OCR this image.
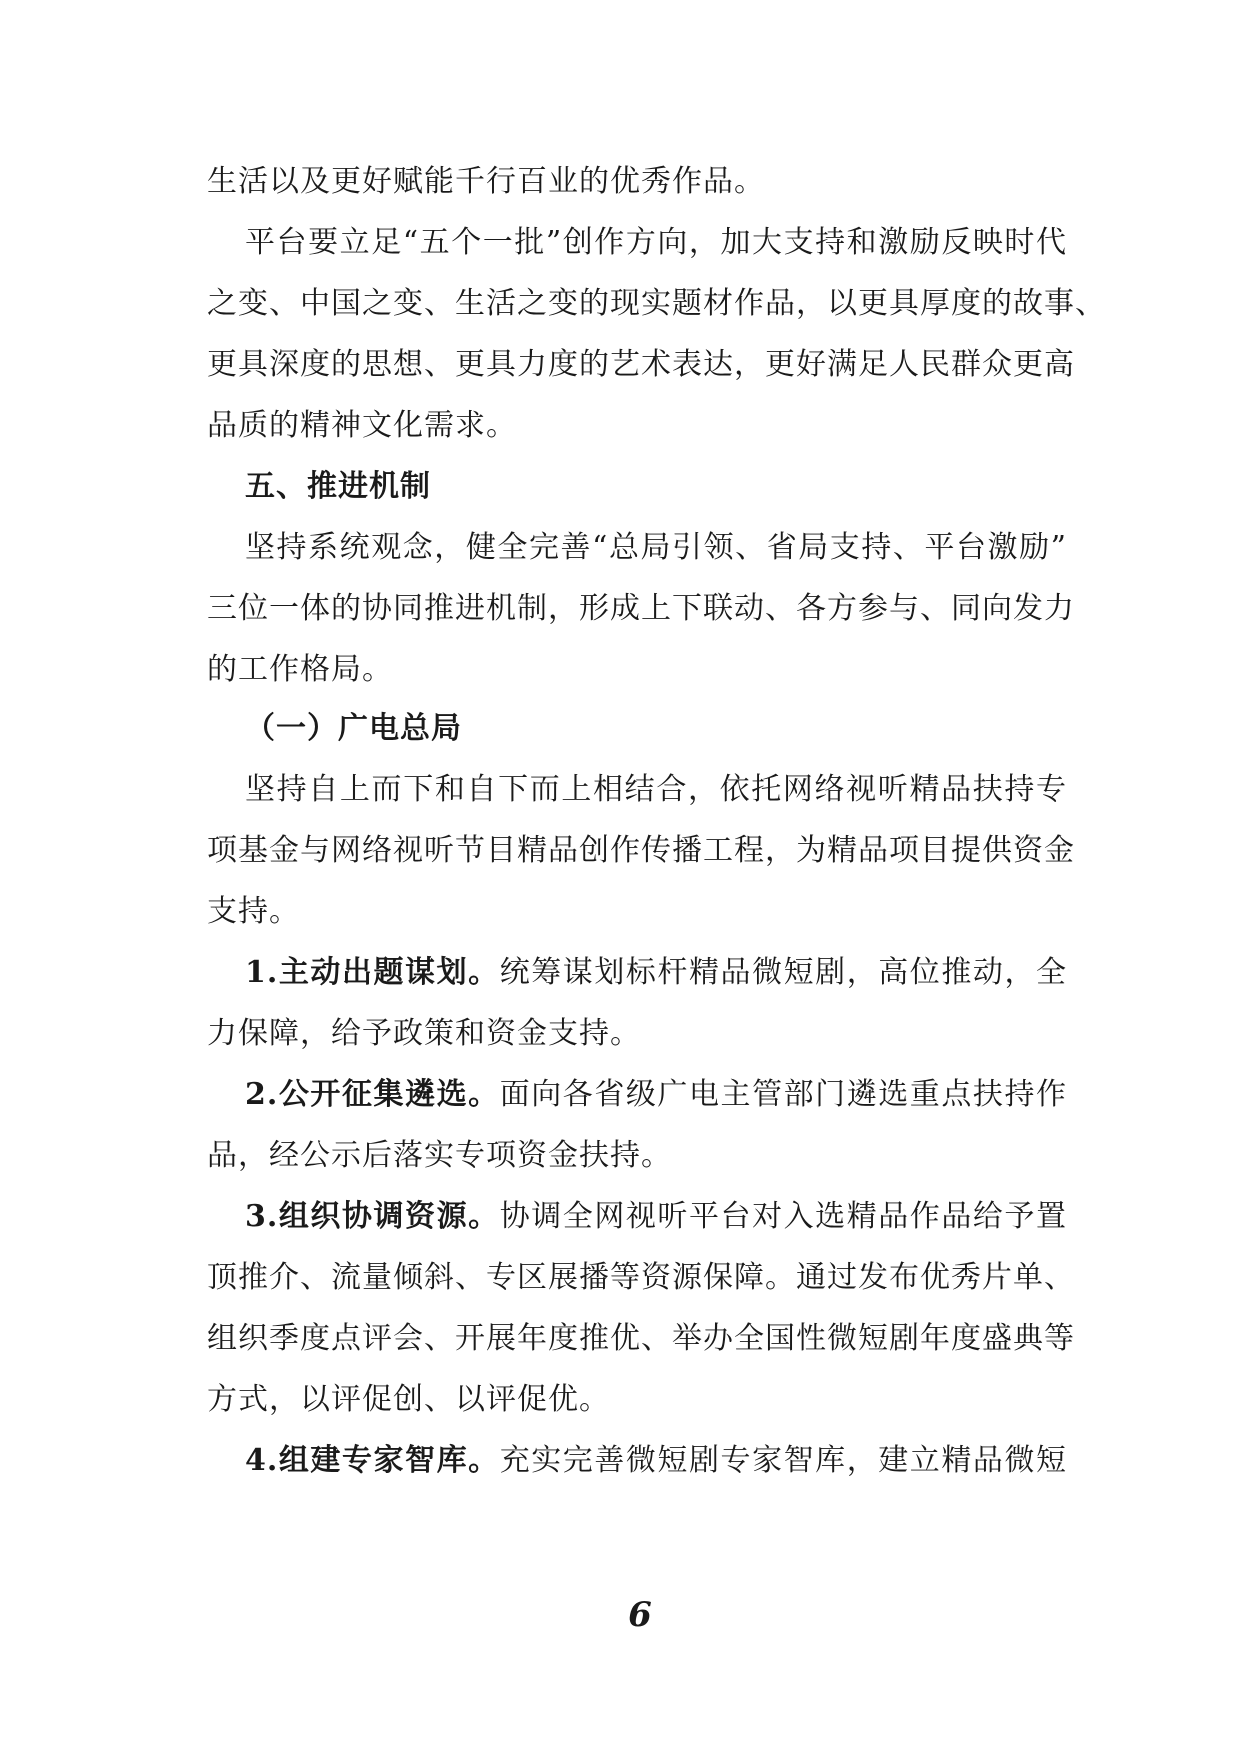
生活以及更好赋能千行百业的优秀作品。
平台要立足“五个一批”创作方向，加大支持和激励反映时代
之变、中国之变、生活之变的现实题材作品，以更具厚度的故事、
更具深度的思想、更具力度的艺术表达，更好满足人民群众更高
品质的精神文化需求。
五、推进机制
坚持系统观念，健全完善“总局引领、省局支持、平台激励”
三位一体的协同推进机制，形成上下联动、各方参与、同向发力
的工作格局。
（一）广电总局
坚持自上而下和自下而上相结合，依托网络视听精品扶持专
项基金与网络视听节目精品创作传播工程，为精品项目提供资金
支持。
1.主动出题谋划。统筹谋划标杆精品微短剧，高位推动，全
力保障，给予政策和资金支持。
2.公开征集遴选。面向各省级广电主管部门遴选重点扶持作
品，经公示后落实专项资金扶持。
3.组织协调资源。协调全网视听平台对入选精品作品给予置
顶推介、流量倾斜、专区展播等资源保障。通过发布优秀片单、
组织季度点评会、开展年度推优、举办全国性微短剧年度盛典等
方式，以评促创、以评促优。
4.组建专家智库。充实完善微短剧专家智库，建立精品微短
6
